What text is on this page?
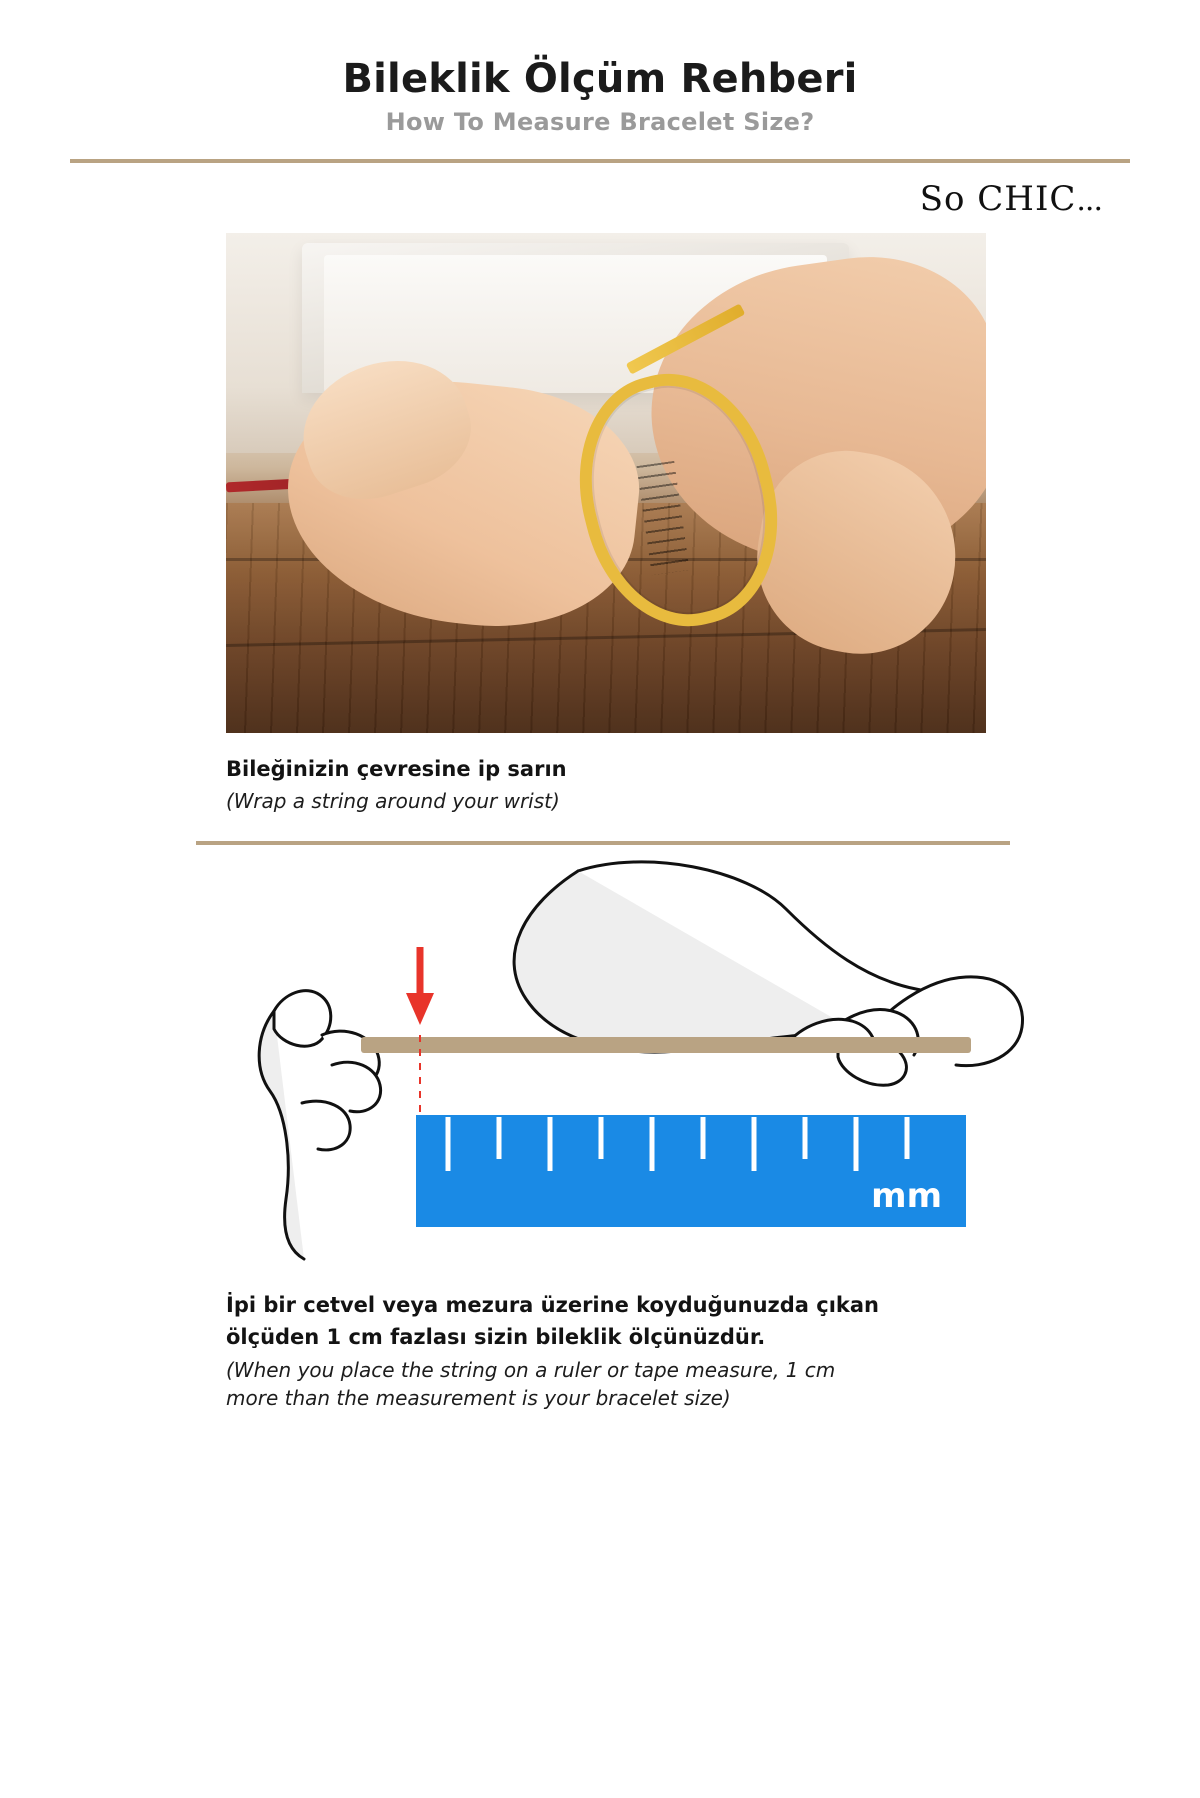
Bileklik Ölçüm Rehberi
How To Measure Bracelet Size?
So CHIC...

Bileğinizin çevresine ip sarın

(Wrap a string around your wrist)

mm

İpi bir cetvel veya mezura üzerine koyduğunuzda çıkan

ölçüden 1 cm fazlası sizin bileklik ölçünüzdür.

(When you place the string on a ruler or tape measure, 1 cm

more than the measurement is your bracelet size)
